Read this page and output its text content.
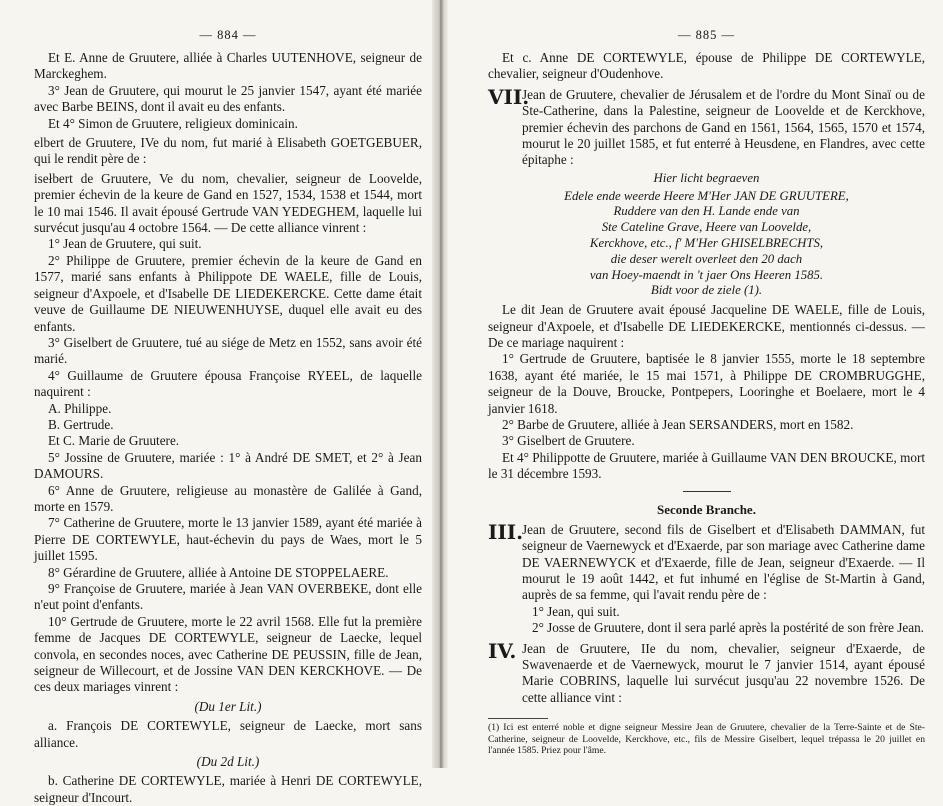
— 884 —

Et E. Anne de Gruutere, alliée à Charles UUTENHOVE, seigneur de Marckeghem.

3° Jean de Gruutere, qui mourut le 25 janvier 1547, ayant été mariée avec Barbe BEINS, dont il avait eu des enfants.

Et 4° Simon de Gruutere, religieux dominicain.

elbert de Gruutere, IVe du nom, fut marié à Elisabeth GOETGEBUER, qui le rendit père de :

isełbert de Gruutere, Ve du nom, chevalier, seigneur de Loovelde, premier échevin de la keure de Gand en 1527, 1534, 1538 et 1544, mort le 10 mai 1546. Il avait épousé Gertrude VAN YEDEGHEM, laquelle lui survécut jusqu'au 4 octobre 1564. — De cette alliance vinrent :

1° Jean de Gruutere, qui suit.

2° Philippe de Gruutere, premier échevin de la keure de Gand en 1577, marié sans enfants à Philippote DE WAELE, fille de Louis, seigneur d'Axpoele, et d'Isabelle DE LIEDEKERCKE. Cette dame était veuve de Guillaume DE NIEUWENHUYSE, duquel elle avait eu des enfants.

3° Giselbert de Gruutere, tué au siége de Metz en 1552, sans avoir été marié.

4° Guillaume de Gruutere épousa Françoise RYEEL, de laquelle naquirent :

A. Philippe.

B. Gertrude.

Et C. Marie de Gruutere.

5° Jossine de Gruutere, mariée : 1° à André DE SMET, et 2° à Jean DAMOURS.

6° Anne de Gruutere, religieuse au monastère de Galilée à Gand, morte en 1579.

7° Catherine de Gruutere, morte le 13 janvier 1589, ayant été mariée à Pierre DE CORTEWYLE, haut-échevin du pays de Waes, mort le 5 juillet 1595.

8° Gérardine de Gruutere, alliée à Antoine DE STOPPELAERE.

9° Françoise de Gruutere, mariée à Jean VAN OVERBEKE, dont elle n'eut point d'enfants.

10° Gertrude de Gruutere, morte le 22 avril 1568. Elle fut la première femme de Jacques DE CORTEWYLE, seigneur de Laecke, lequel convola, en secondes noces, avec Catherine DE PEUSSIN, fille de Jean, seigneur de Willecourt, et de Jossine VAN DEN KERCKHOVE. — De ces deux mariages vinrent :

(Du 1er Lit.)

a. François DE CORTEWYLE, seigneur de Laecke, mort sans alliance.

(Du 2d Lit.)

b. Catherine DE CORTEWYLE, mariée à Henri DE CORTEWYLE, seigneur d'Incourt.

— 885 —

Et c. Anne DE CORTEWYLE, épouse de Philippe DE CORTEWYLE, chevalier, seigneur d'Oudenhove.

VII.
Jean de Gruutere, chevalier de Jérusalem et de l'ordre du Mont Sinaï ou de Ste-Catherine, dans la Palestine, seigneur de Loovelde et de Kerckhove, premier échevin des parchons de Gand en 1561, 1564, 1565, 1570 et 1574, mourut le 20 juillet 1585, et fut enterré à Heusdene, en Flandres, avec cette épitaphe :

Hier licht begraeven

Edele ende weerde Heere M'Her JAN DE GRUUTERE,

Ruddere van den H. Lande ende van

Ste Cateline Grave, Heere van Loovelde,

Kerckhove, etc., f' M'Her GHISELBRECHTS,

die deser werelt overleet den 20 dach

van Hoey-maendt in 't jaer Ons Heeren 1585.

Bidt voor de ziele (1).

Le dit Jean de Gruutere avait épousé Jacqueline DE WAELE, fille de Louis, seigneur d'Axpoele, et d'Isabelle DE LIEDEKERCKE, mentionnés ci-dessus. — De ce mariage naquirent :

1° Gertrude de Gruutere, baptisée le 8 janvier 1555, morte le 18 septembre 1638, ayant été mariée, le 15 mai 1571, à Philippe DE CROMBRUGGHE, seigneur de la Douve, Broucke, Pontpepers, Looringhe et Boelaere, mort le 4 janvier 1618.

2° Barbe de Gruutere, alliée à Jean SERSANDERS, mort en 1582.

3° Giselbert de Gruutere.

Et 4° Philippotte de Gruutere, mariée à Guillaume VAN DEN BROUCKE, mort le 31 décembre 1593.

Seconde Branche.
III.
Jean de Gruutere, second fils de Giselbert et d'Elisabeth DAMMAN, fut seigneur de Vaernewyck et d'Exaerde, par son mariage avec Catherine dame DE VAERNEWYCK et d'Exaerde, fille de Jean, seigneur d'Exaerde. — Il mourut le 19 août 1442, et fut inhumé en l'église de St-Martin à Gand, auprès de sa femme, qui l'avait rendu père de :

1° Jean, qui suit.

2° Josse de Gruutere, dont il sera parlé après la postérité de son frère Jean.

IV. Jean de Gruutere, IIe du nom, chevalier, seigneur d'Exaerde, de Swavenaerde et de Vaernewyck, mourut le 7 janvier 1514, ayant épousé Marie COBRINS, laquelle lui survécut jusqu'au 22 novembre 1526. De cette alliance vint :

(1) Ici est enterré noble et digne seigneur Messire Jean de Gruutere, chevalier de la Terre-Sainte et de Ste-Catherine, seigneur de Loovelde, Kerckhove, etc., fils de Messire Giselbert, lequel trépassa le 20 juillet en l'année 1585. Priez pour l'âme.
